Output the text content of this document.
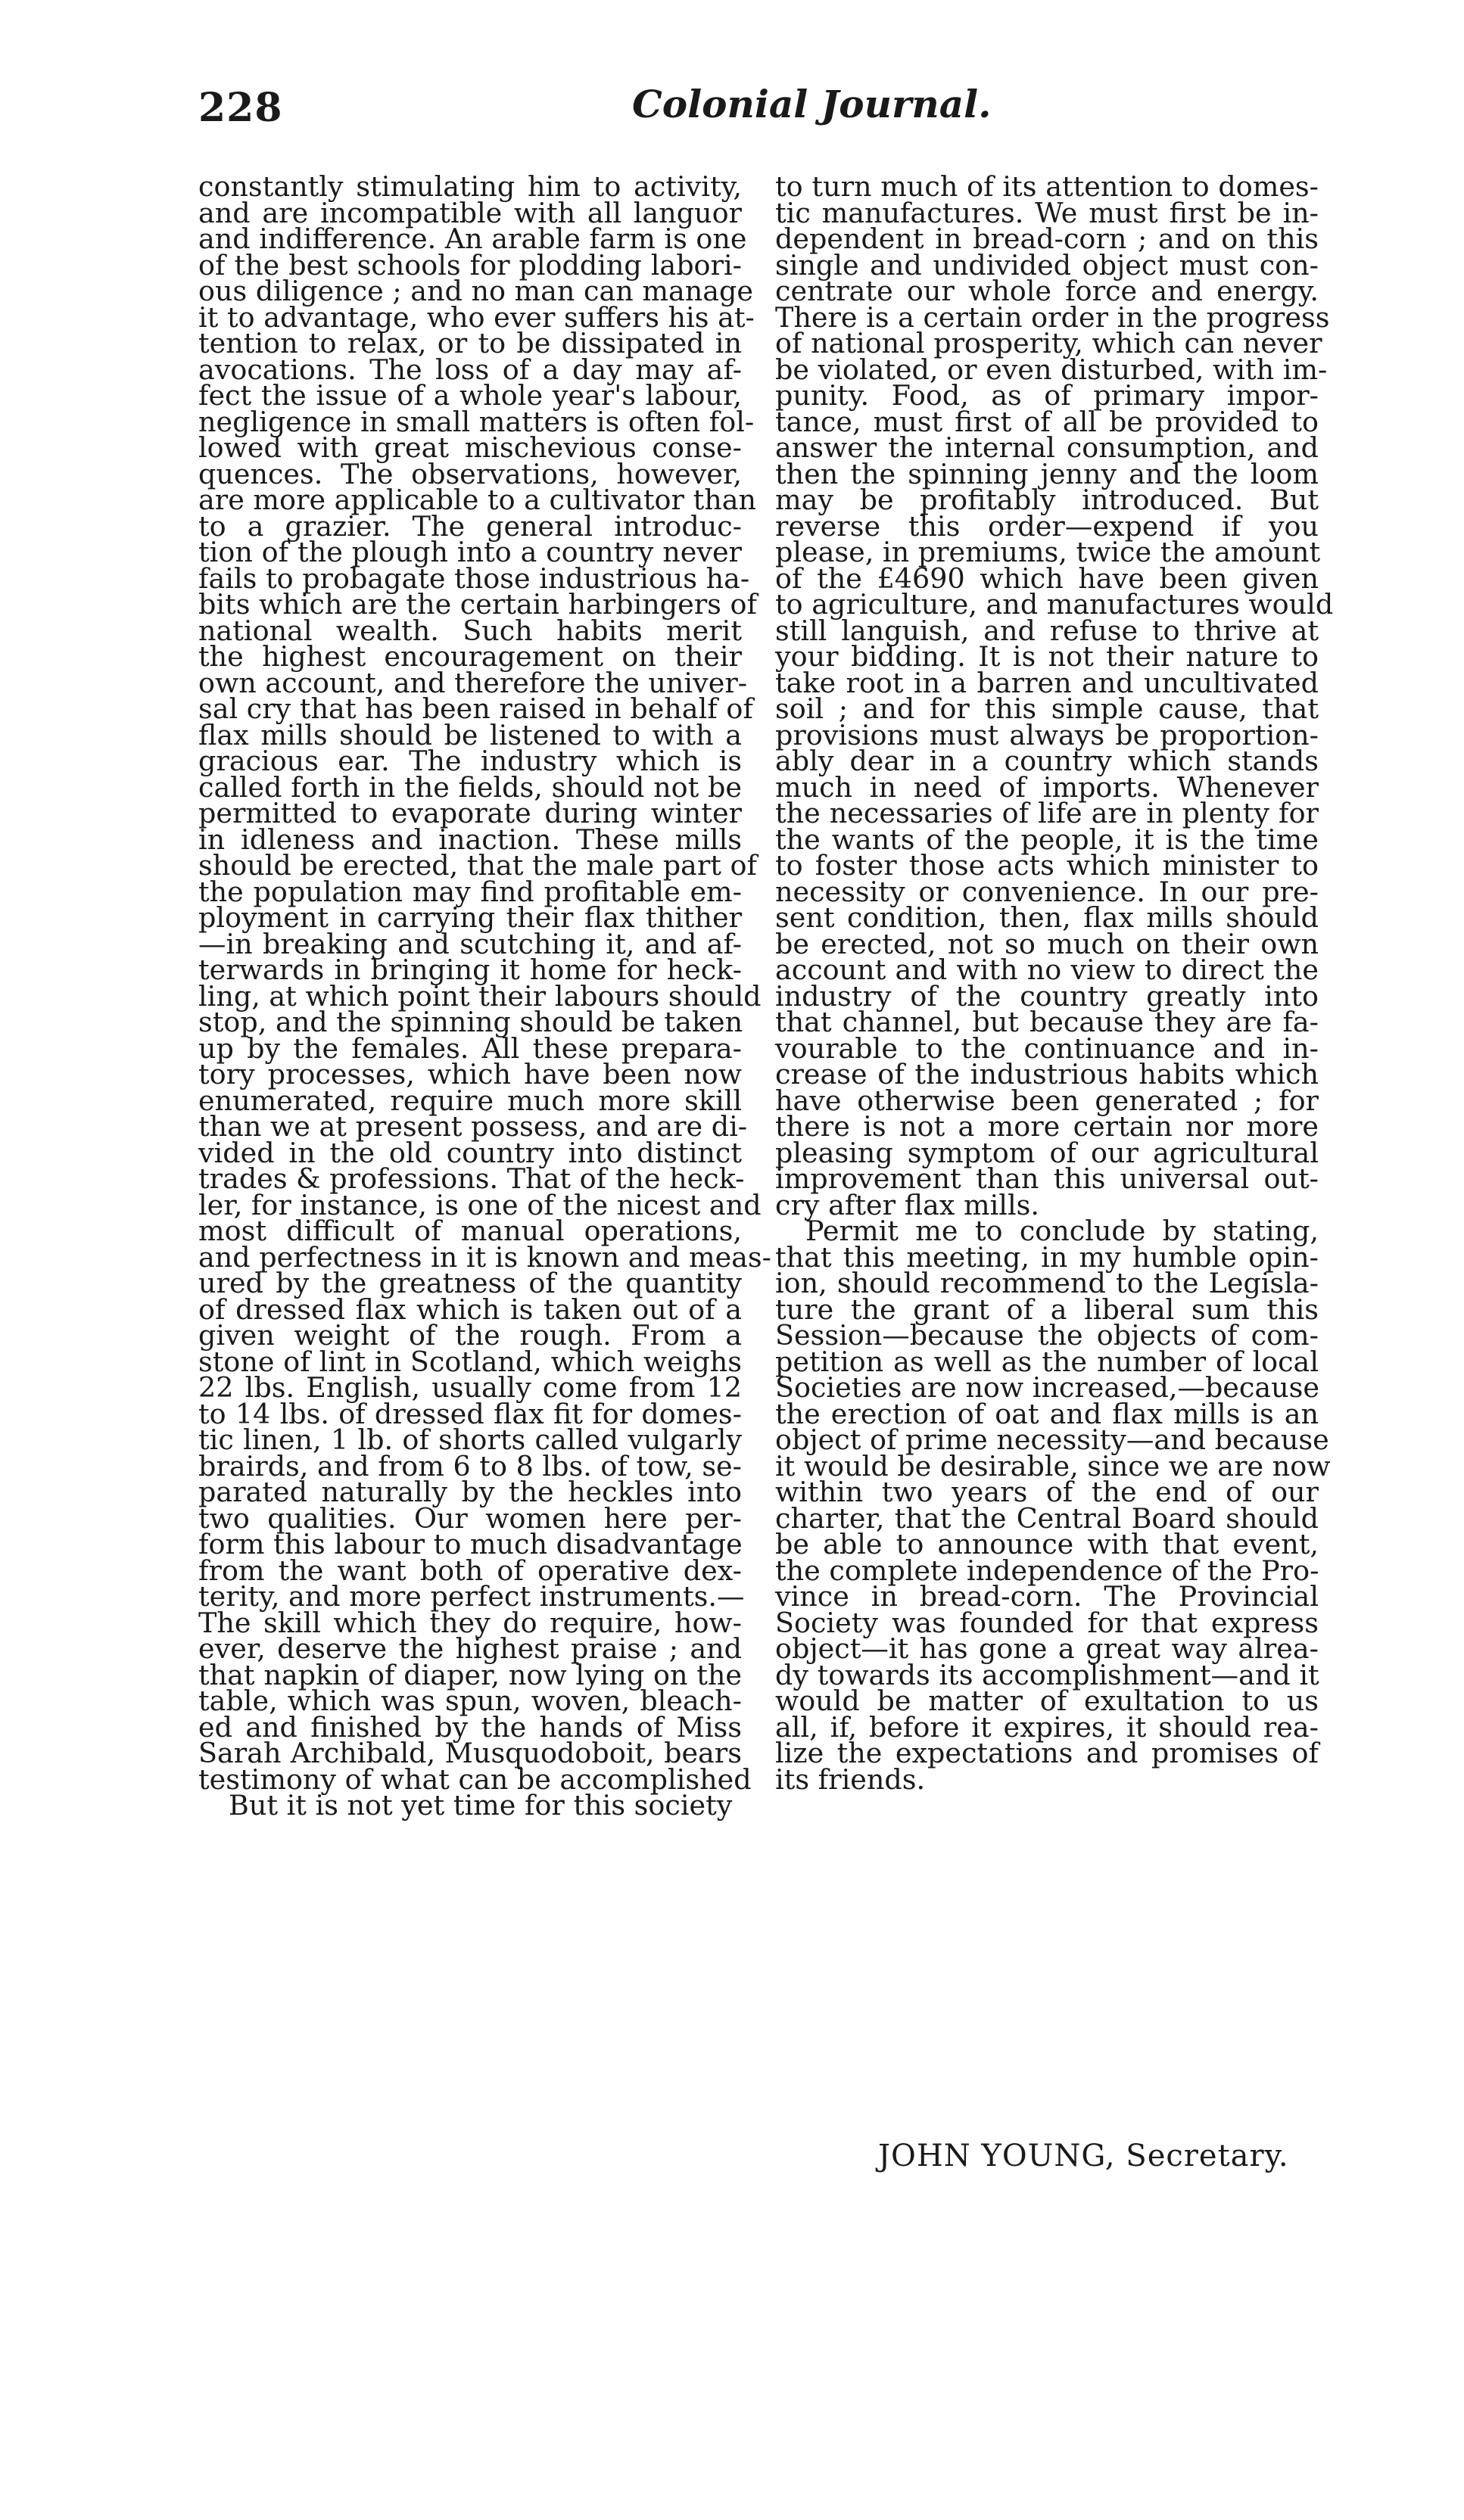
228	Colonial Journal.
constantly stimulating him to activity,
and are incompatible with all languor
and indifference. An arable farm is one
of the best schools for plodding labori-
ous diligence ; and no man can manage
it to advantage, who ever suffers his at-
tention to relax, or to be dissipated in
avocations. The loss of a day may af-
fect the issue of a whole year's labour,
negligence in small matters is often fol-
lowed with great mischevious conse-
quences. The observations, however,
are more applicable to a cultivator than
to a grazier. The general introduc-
tion of the plough into a country never
fails to probagate those industrious ha-
bits which are the certain harbingers of
national wealth. Such habits merit
the highest encouragement on their
own account, and therefore the univer-
sal cry that has been raised in behalf of
flax mills should be listened to with a
gracious ear. The industry which is
called forth in the fields, should not be
permitted to evaporate during winter
in idleness and inaction. These mills
should be erected, that the male part of
the population may find profitable em-
ployment in carrying their flax thither
—in breaking and scutching it, and af-
terwards in bringing it home for heck-
ling, at which point their labours should
stop, and the spinning should be taken
up by the females. All these prepara-
tory processes, which have been now
enumerated, require much more skill
than we at present possess, and are di-
vided in the old country into distinct
trades & professions. That of the heck-
ler, for instance, is one of the nicest and
most difficult of manual operations,
and perfectness in it is known and meas-
ured by the greatness of the quantity
of dressed flax which is taken out of a
given weight of the rough. From a
stone of lint in Scotland, which weighs
22 lbs. English, usually come from 12
to 14 lbs. of dressed flax fit for domes-
tic linen, 1 lb. of shorts called vulgarly
brairds, and from 6 to 8 lbs. of tow, se-
parated naturally by the heckles into
two qualities. Our women here per-
form this labour to much disadvantage
from the want both of operative dex-
terity, and more perfect instruments.—
The skill which they do require, how-
ever, deserve the highest praise ; and
that napkin of diaper, now lying on the
table, which was spun, woven, bleach-
ed and finished by the hands of Miss
Sarah Archibald, Musquodoboit, bears
testimony of what can be accomplished
But it is not yet time for this society
to turn much of its attention to domes-
tic manufactures. We must first be in-
dependent in bread-corn ; and on this
single and undivided object must con-
centrate our whole force and energy.
There is a certain order in the progress
of national prosperity, which can never
be violated, or even disturbed, with im-
punity. Food, as of primary impor-
tance, must first of all be provided to
answer the internal consumption, and
then the spinning jenny and the loom
may be profitably introduced. But
reverse this order—expend if you
please, in premiums, twice the amount
of the £4690 which have been given
to agriculture, and manufactures would
still languish, and refuse to thrive at
your bidding. It is not their nature to
take root in a barren and uncultivated
soil ; and for this simple cause, that
provisions must always be proportion-
ably dear in a country which stands
much in need of imports. Whenever
the necessaries of life are in plenty for
the wants of the people, it is the time
to foster those acts which minister to
necessity or convenience. In our pre-
sent condition, then, flax mills should
be erected, not so much on their own
account and with no view to direct the
industry of the country greatly into
that channel, but because they are fa-
vourable to the continuance and in-
crease of the industrious habits which
have otherwise been generated ; for
there is not a more certain nor more
pleasing symptom of our agricultural
improvement than this universal out-
cry after flax mills.
Permit me to conclude by stating,
that this meeting, in my humble opin-
ion, should recommend to the Legisla-
ture the grant of a liberal sum this
Session—because the objects of com-
petition as well as the number of local
Societies are now increased,—because
the erection of oat and flax mills is an
object of prime necessity—and because
it would be desirable, since we are now
within two years of the end of our
charter, that the Central Board should
be able to announce with that event,
the complete independence of the Pro-
vince in bread-corn. The Provincial
Society was founded for that express
object—it has gone a great way alrea-
dy towards its accomplishment—and it
would be matter of exultation to us
all, if, before it expires, it should rea-
lize the expectations and promises of
its friends.
JOHN YOUNG, Secretary.
